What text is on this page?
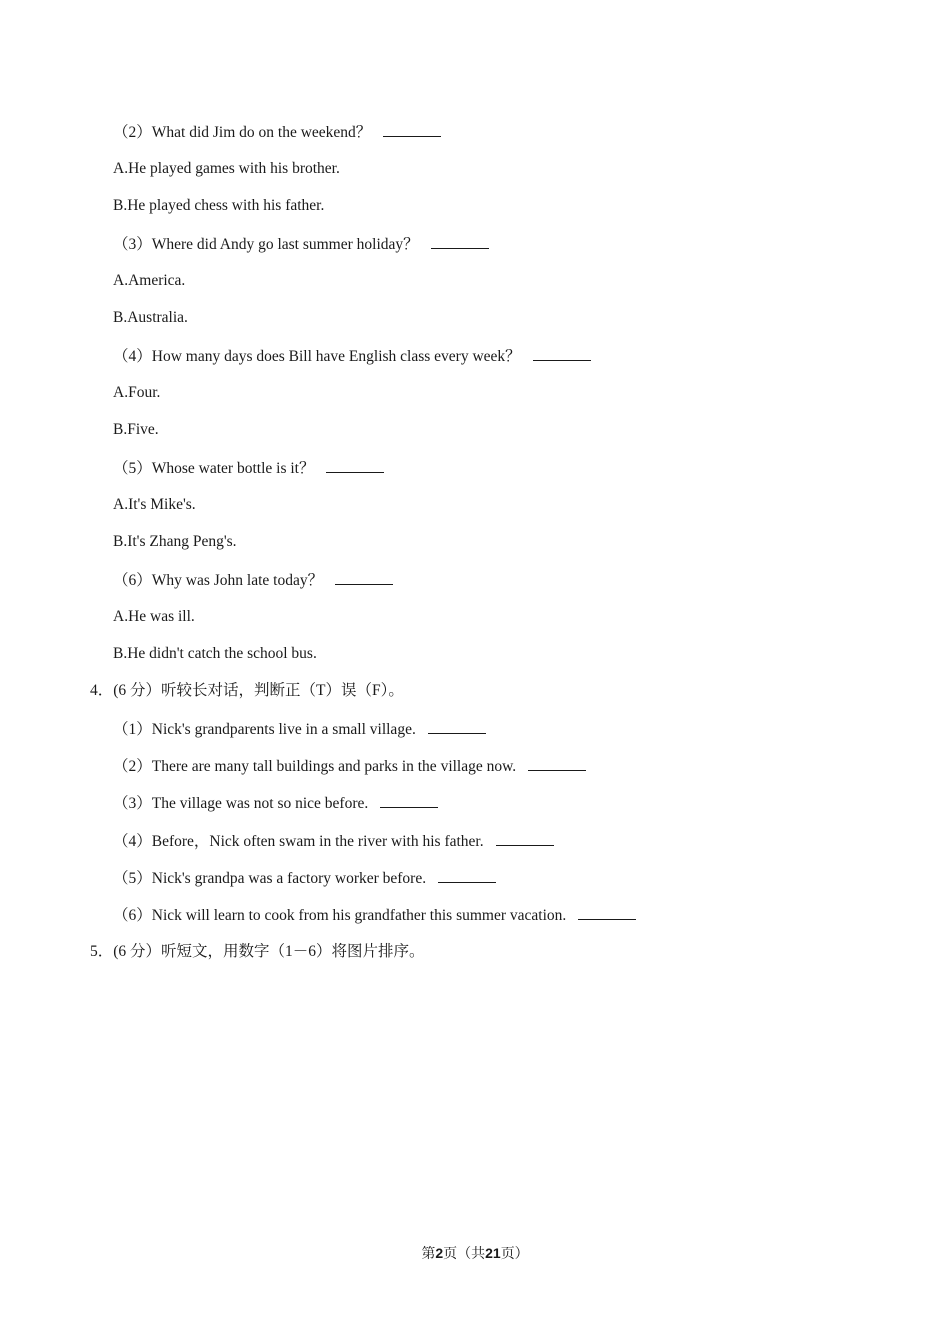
（2）What did Jim do on the weekend？
A.He played games with his brother.
B.He played chess with his father.
（3）Where did Andy go last summer holiday？
A.America.
B.Australia.
（4）How many days does Bill have English class every week？
A.Four.
B.Five.
（5）Whose water bottle is it？
A.It's Mike's.
B.It's Zhang Peng's.
（6）Why was John late today？
A.He was ill.
B.He didn't catch the school bus.
4．(6 分）听较长对话，判断正（T）误（F）。
（1）Nick's grandparents live in a small village.
（2）There are many tall buildings and parks in the village now.
（3）The village was not so nice before.
（4）Before，Nick often swam in the river with his father.
（5）Nick's grandpa was a factory worker before.
（6）Nick will learn to cook from his grandfather this summer vacation.
5．(6 分）听短文，用数字（1－6）将图片排序。
第2页（共21页）
